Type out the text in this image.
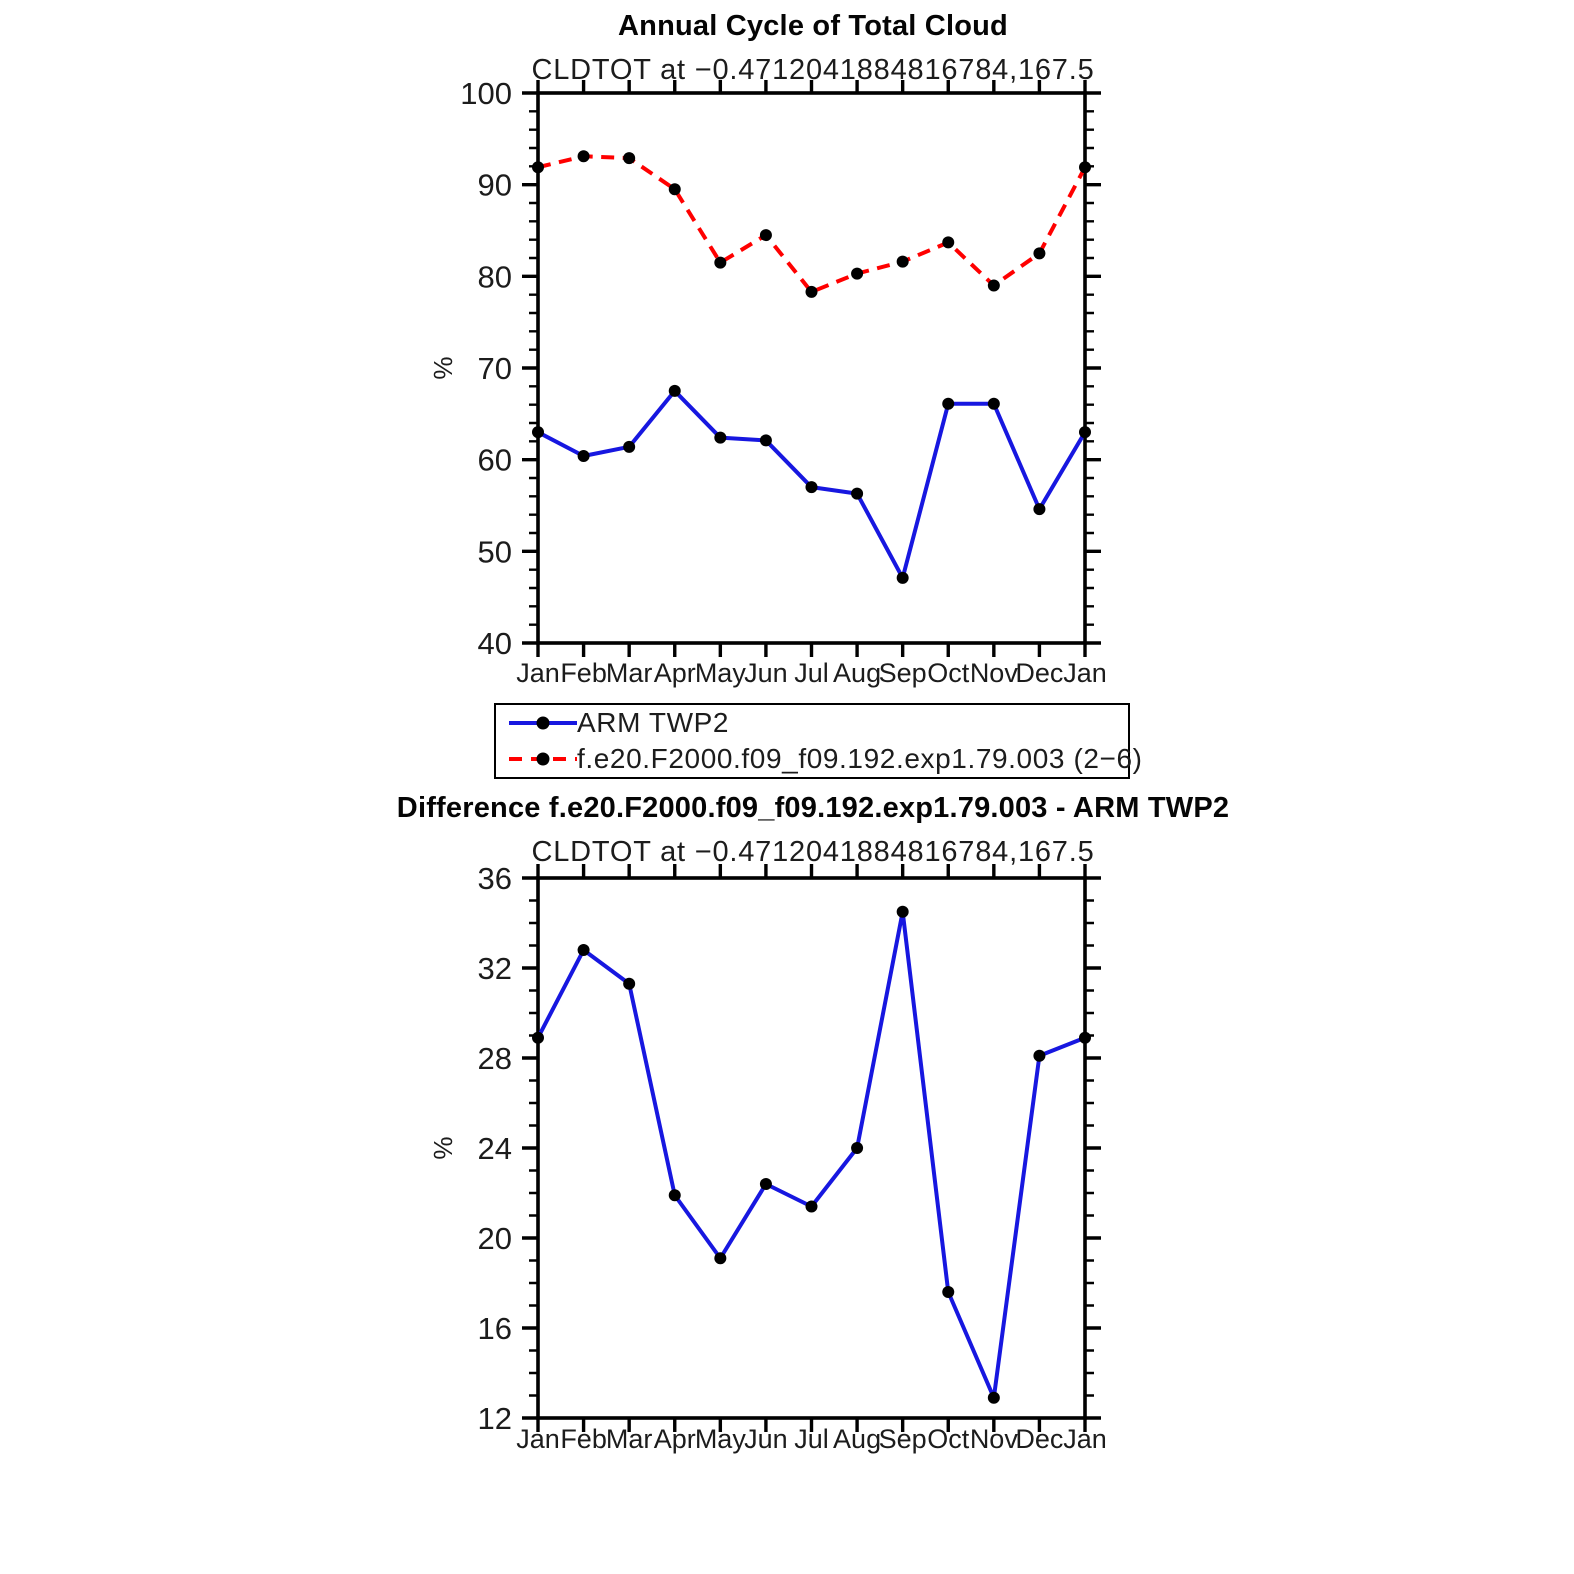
Annual Cycle of Total Cloud
CLDTOT at −0.4712041884816784,167.5
40
50
60
70
80
90
100
Jan Feb Mar Apr May
Jun Jul Aug
Sep Oct Nov
Dec Jan
%
ARM TWP2
f.e20.F2000.f09_f09.192.exp1.79.003 (2−6)
Difference f.e20.F2000.f09_f09.192.exp1.79.003 - ARM TWP2
CLDTOT at −0.4712041884816784,167.5
12
16
20
24
28
32
36
Jan Feb Mar Apr May
Jun Jul Aug
Sep Oct Nov
Dec Jan
%
